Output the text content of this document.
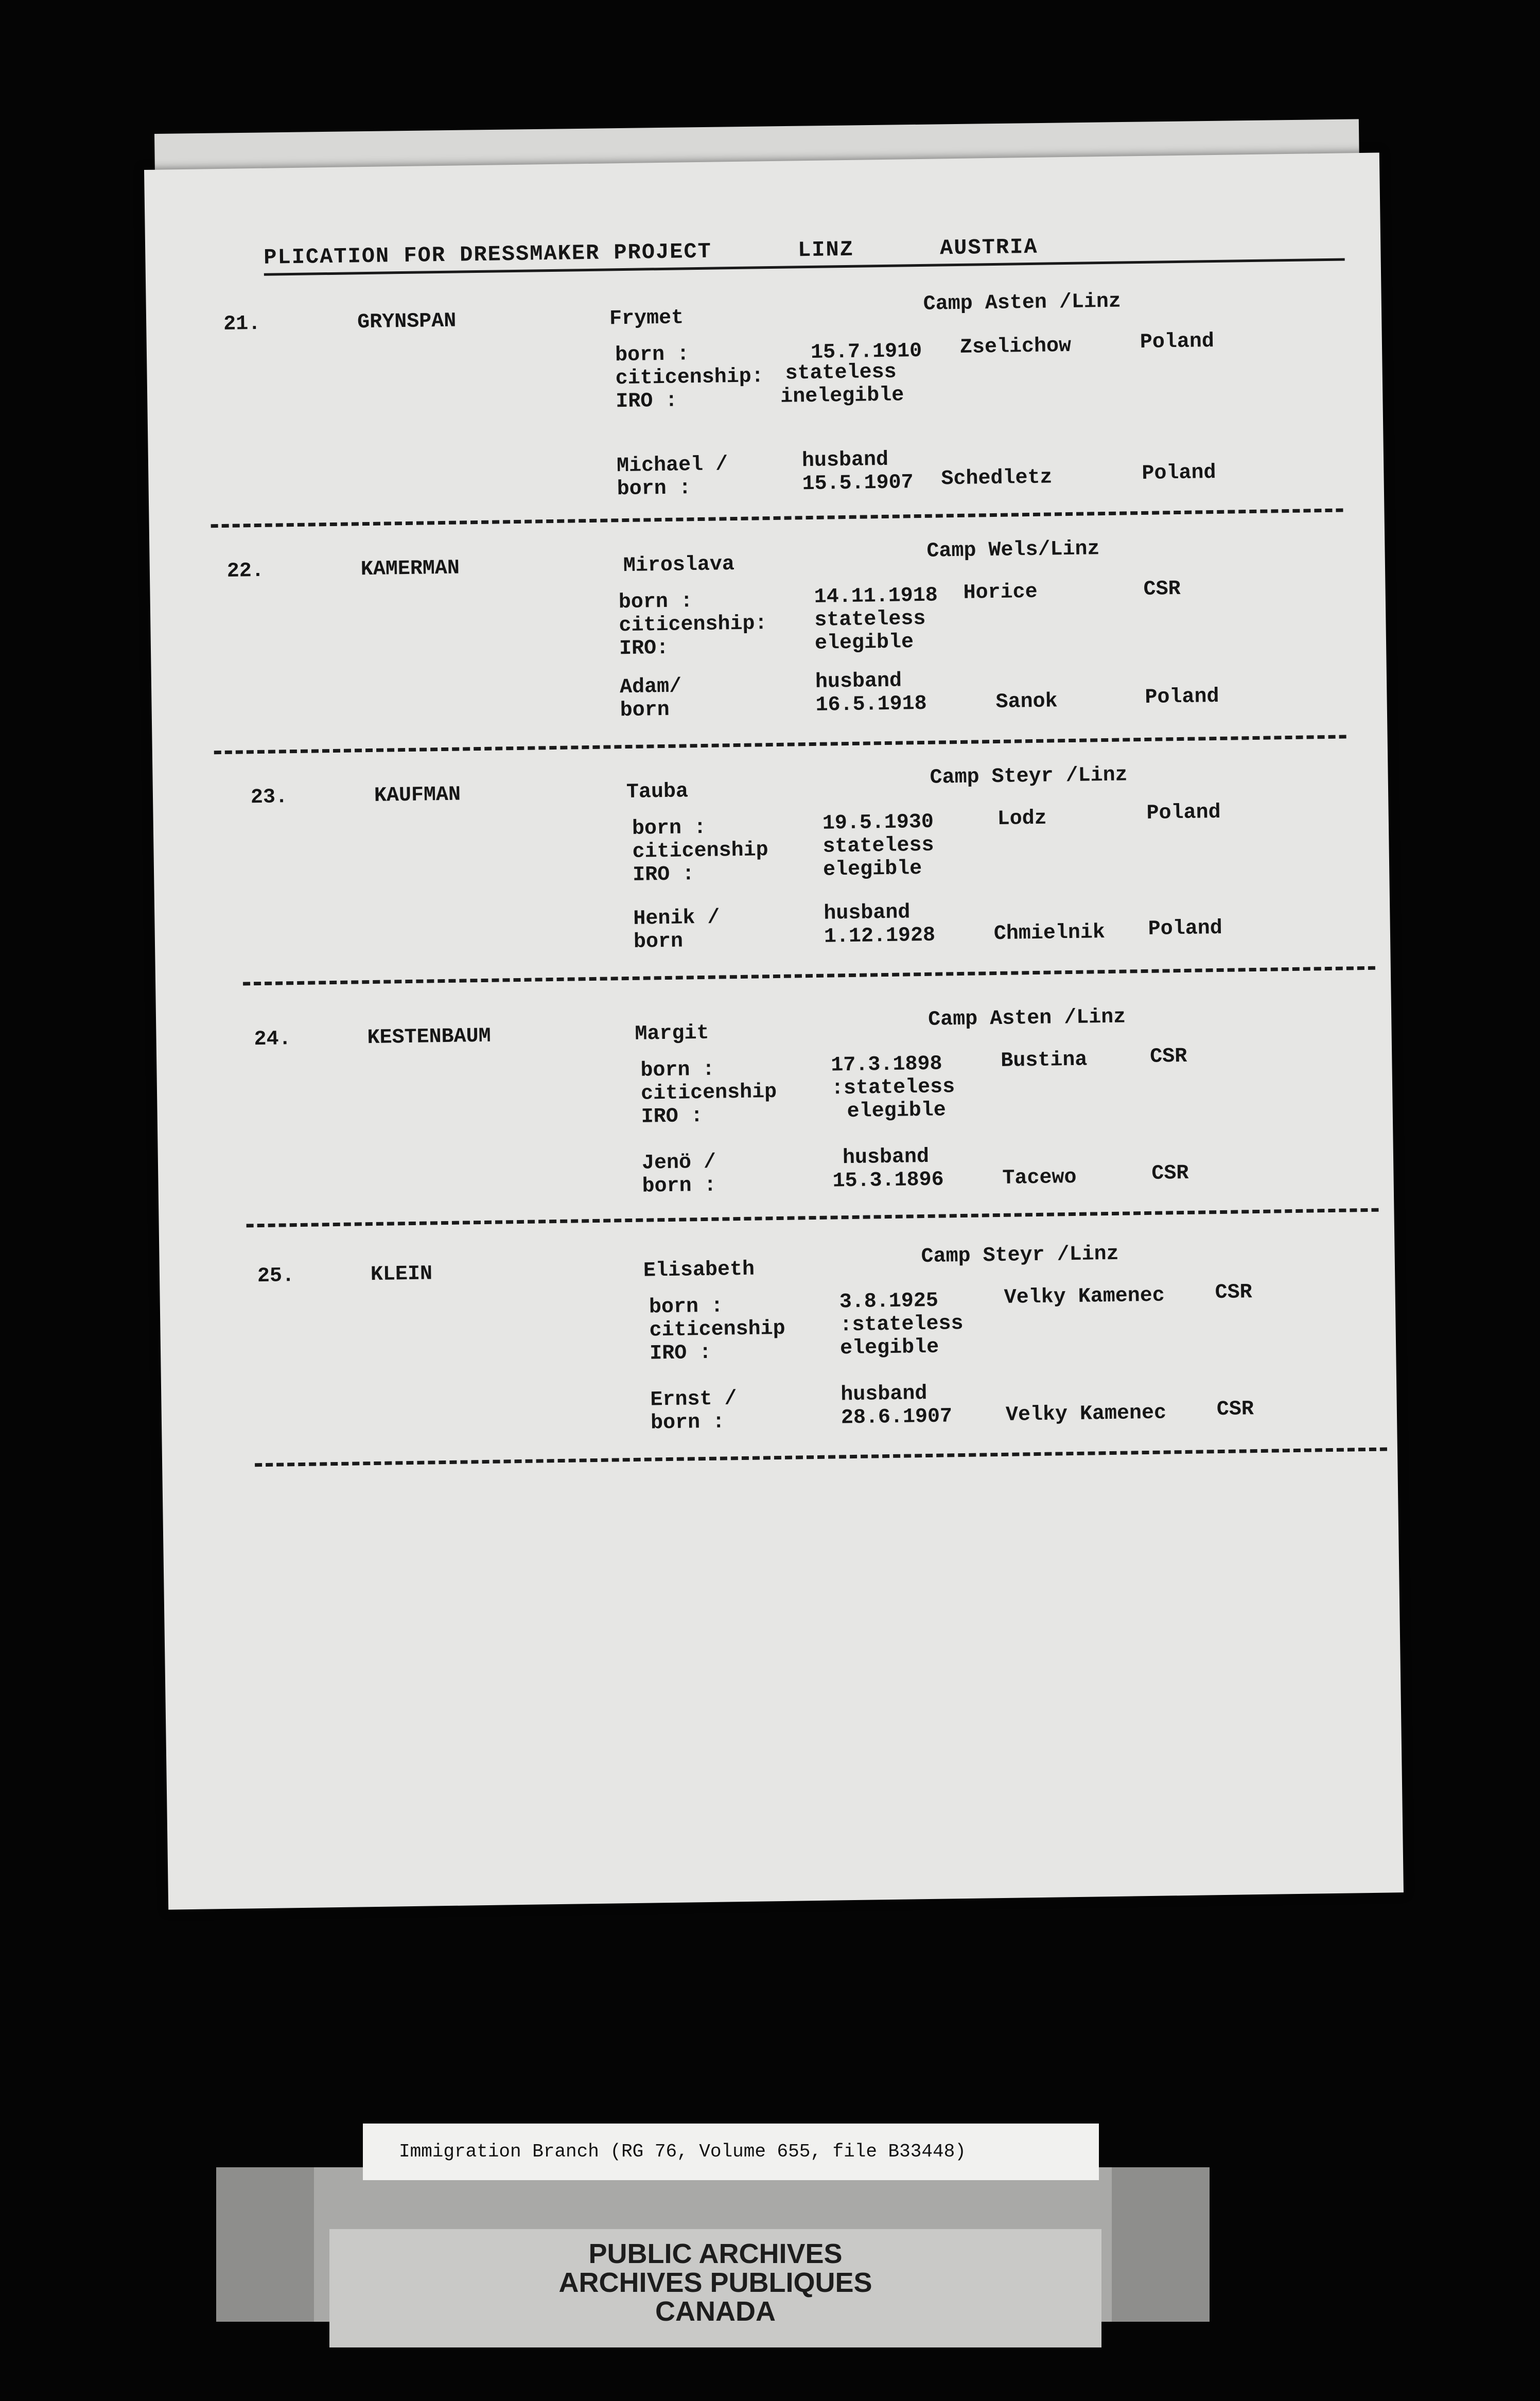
PLICATION FOR DRESSMAKER PROJECT	LINZ	AUSTRIA
21.	GRYNSPAN	Frymet
Camp Asten /Linz
born :	15.7.1910 Zselichow	Poland
citicenship: stateless
IRO :	inelegible
Michael /	husband
born :	15.5.1907 Schedletz	Poland
22.	KAMERMAN	Miroslava
Camp Wels/Linz
born :	14.11.1918 Horice	CSR
citicenship: stateless
IRO:	elegible
Adam/	husband
born	16.5.1918	Sanok	Poland
23.	KAUFMAN	Tauba
Camp Steyr /Linz
born :	19.5.1930	Lodz	Poland
citicenship	stateless
IRO :	elegible
Henik /	husband
born	1.12.1928	Chmielnik Poland
24.	KESTENBAUM	Margit
Camp Asten /Linz
born :	17.3.1898	Bustina	CSR
citicenship	:stateless
IRO :	elegible
Jenö /	husband
born :	15.3.1896	Tacewo	CSR
25.	KLEIN	Elisabeth
Camp Steyr /Linz
born :	3.8.1925	Velky Kamenec CSR
citicenship	:stateless
IRO :	elegible
Ernst /	husband
born :	28.6.1907	Velky Kamenec CSR
PUBLIC ARCHIVES
ARCHIVES PUBLIQUES
CANADA
Immigration Branch (RG 76, Volume 655, file B33448)
